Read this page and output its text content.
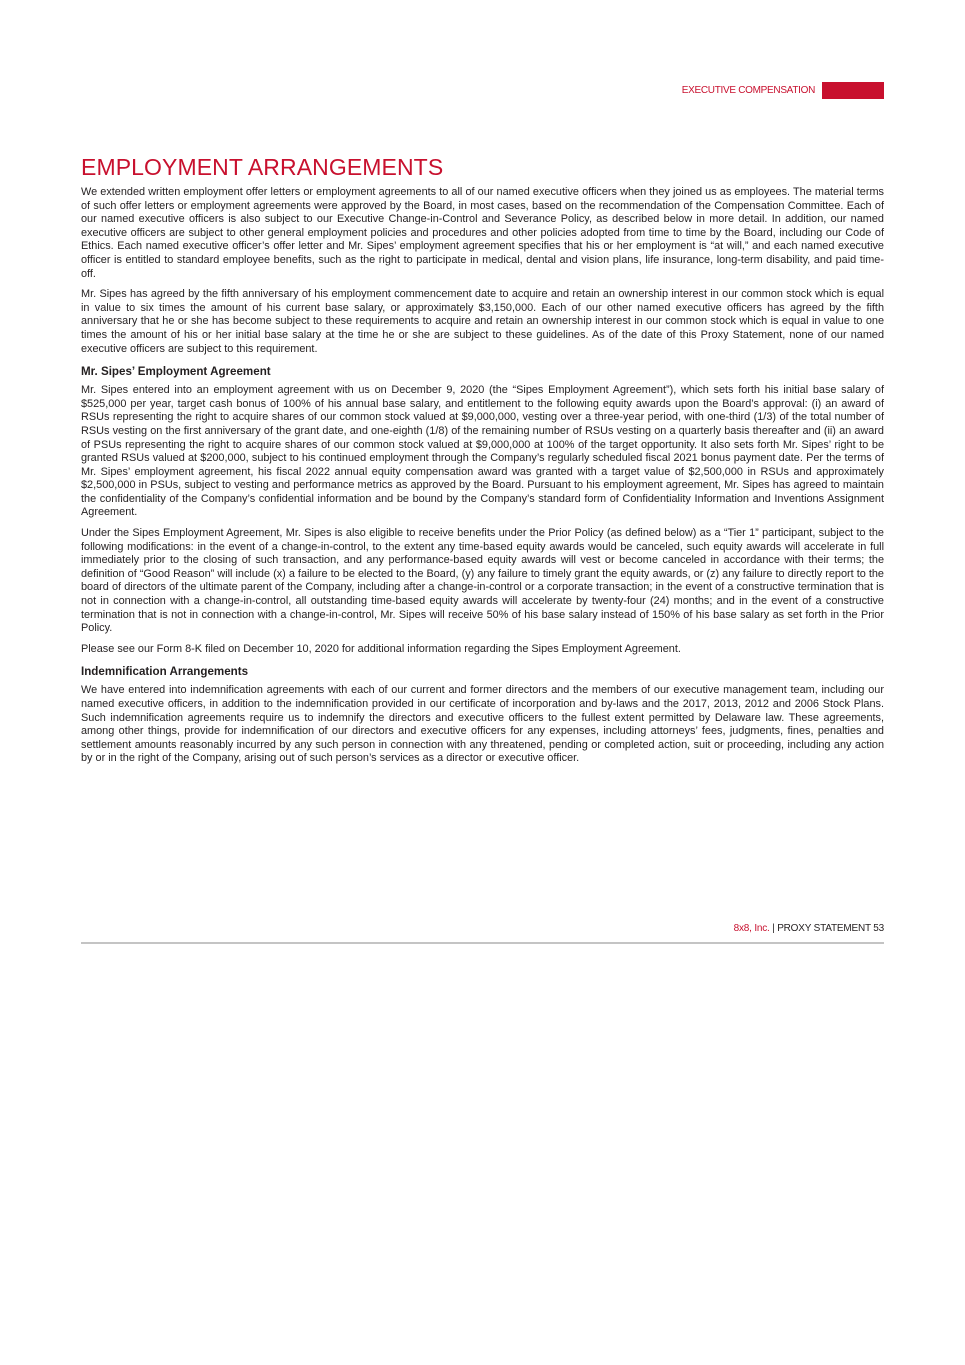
EXECUTIVE COMPENSATION
EMPLOYMENT ARRANGEMENTS

We extended written employment offer letters or employment agreements to all of our named executive officers when they joined us as employees. The material terms of such offer letters or employment agreements were approved by the Board, in most cases, based on the recommendation of the Compensation Committee. Each of our named executive officers is also subject to our Executive Change-in-Control and Severance Policy, as described below in more detail. In addition, our named executive officers are subject to other general employment policies and procedures and other policies adopted from time to time by the Board, including our Code of Ethics. Each named executive officer’s offer letter and Mr. Sipes’ employment agreement specifies that his or her employment is “at will,” and each named executive officer is entitled to standard employee benefits, such as the right to participate in medical, dental and vision plans, life insurance, long-term disability, and paid time-off.

Mr. Sipes has agreed by the fifth anniversary of his employment commencement date to acquire and retain an ownership interest in our common stock which is equal in value to six times the amount of his current base salary, or approximately $3,150,000. Each of our other named executive officers has agreed by the fifth anniversary that he or she has become subject to these requirements to acquire and retain an ownership interest in our common stock which is equal in value to one times the amount of his or her initial base salary at the time he or she are subject to these guidelines. As of the date of this Proxy Statement, none of our named executive officers are subject to this requirement.

Mr. Sipes’ Employment Agreement

Mr. Sipes entered into an employment agreement with us on December 9, 2020 (the “Sipes Employment Agreement”), which sets forth his initial base salary of $525,000 per year, target cash bonus of 100% of his annual base salary, and entitlement to the following equity awards upon the Board’s approval: (i) an award of RSUs representing the right to acquire shares of our common stock valued at $9,000,000, vesting over a three-year period, with one-third (1/3) of the total number of RSUs vesting on the first anniversary of the grant date, and one-eighth (1/8) of the remaining number of RSUs vesting on a quarterly basis thereafter and (ii) an award of PSUs representing the right to acquire shares of our common stock valued at $9,000,000 at 100% of the target opportunity. It also sets forth Mr. Sipes’ right to be granted RSUs valued at $200,000, subject to his continued employment through the Company’s regularly scheduled fiscal 2021 bonus payment date. Per the terms of Mr. Sipes’ employment agreement, his fiscal 2022 annual equity compensation award was granted with a target value of $2,500,000 in RSUs and approximately $2,500,000 in PSUs, subject to vesting and performance metrics as approved by the Board. Pursuant to his employment agreement, Mr. Sipes has agreed to maintain the confidentiality of the Company’s confidential information and be bound by the Company’s standard form of Confidentiality Information and Inventions Assignment Agreement.

Under the Sipes Employment Agreement, Mr. Sipes is also eligible to receive benefits under the Prior Policy (as defined below) as a “Tier 1” participant, subject to the following modifications: in the event of a change-in-control, to the extent any time-based equity awards would be canceled, such equity awards will accelerate in full immediately prior to the closing of such transaction, and any performance-based equity awards will vest or become canceled in accordance with their terms; the definition of “Good Reason” will include (x) a failure to be elected to the Board, (y) any failure to timely grant the equity awards, or (z) any failure to directly report to the board of directors of the ultimate parent of the Company, including after a change-in-control or a corporate transaction; in the event of a constructive termination that is not in connection with a change-in-control, all outstanding time-based equity awards will accelerate by twenty-four (24) months; and in the event of a constructive termination that is not in connection with a change-in-control, Mr. Sipes will receive 50% of his base salary instead of 150% of his base salary as set forth in the Prior Policy.

Please see our Form 8-K filed on December 10, 2020 for additional information regarding the Sipes Employment Agreement.

Indemnification Arrangements

We have entered into indemnification agreements with each of our current and former directors and the members of our executive management team, including our named executive officers, in addition to the indemnification provided in our certificate of incorporation and by-laws and the 2017, 2013, 2012 and 2006 Stock Plans. Such indemnification agreements require us to indemnify the directors and executive officers to the fullest extent permitted by Delaware law. These agreements, among other things, provide for indemnification of our directors and executive officers for any expenses, including attorneys’ fees, judgments, fines, penalties and settlement amounts reasonably incurred by any such person in connection with any threatened, pending or completed action, suit or proceeding, including any action by or in the right of the Company, arising out of such person’s services as a director or executive officer.

8x8, Inc. | PROXY STATEMENT 53
